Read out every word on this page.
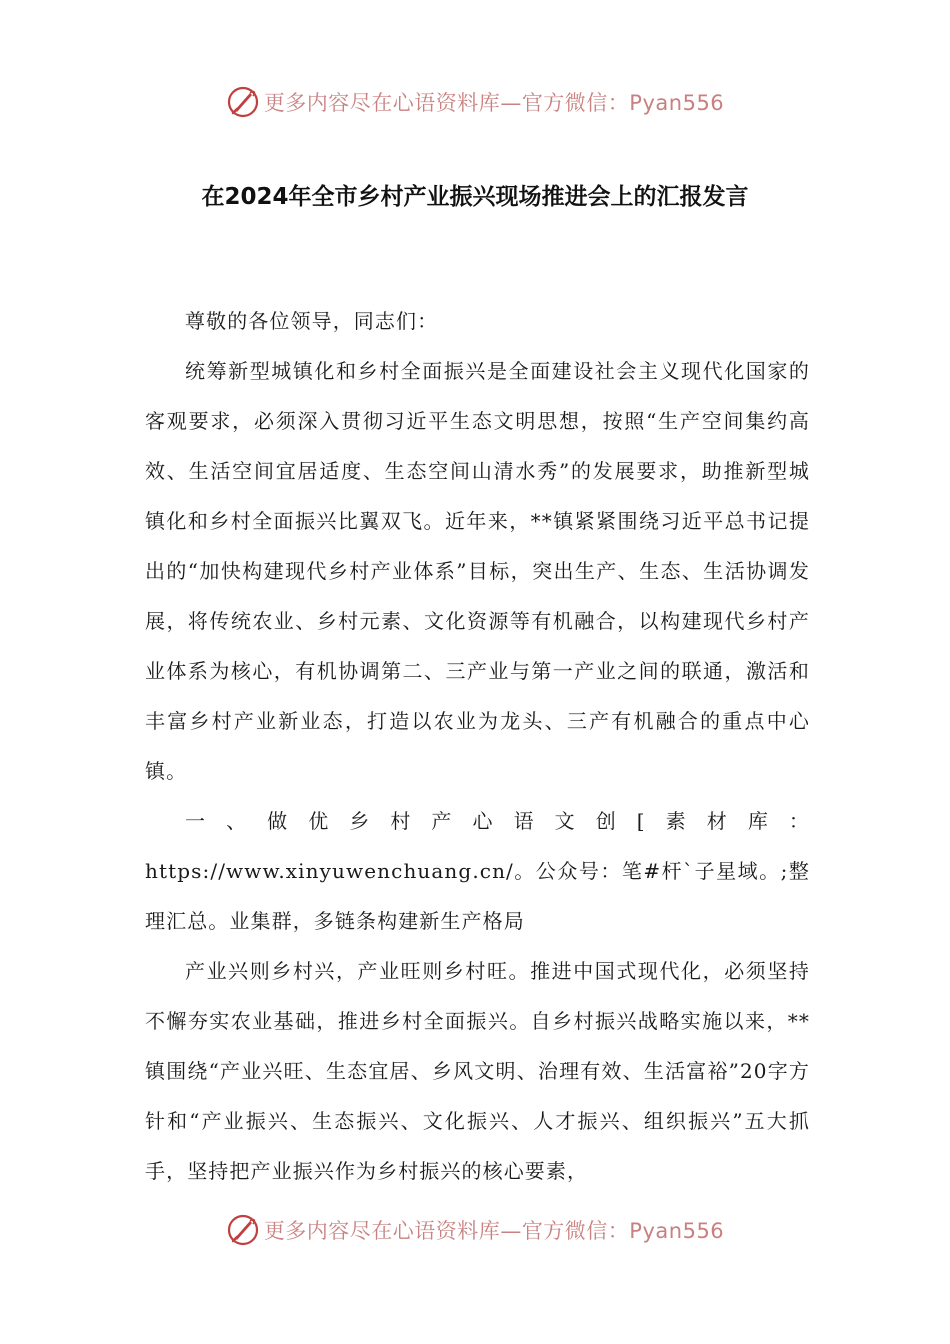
更多内容尽在心语资料库 —官方微信：Pyan556
在2024年全市乡村产业振兴现场推进会上的汇报发言

尊敬的各位领导，同志们：

统筹新型城镇化和乡村全面振兴是全面建设社会主义现代化国家的客观要求，必须深入贯彻习近平生态文明思想，按照“生产空间集约高效、生活空间宜居适度、生态空间山清水秀”的发展要求，助推新型城镇化和乡村全面振兴比翼双飞。近年来，**镇紧紧围绕习近平总书记提出的“加快构建现代乡村产业体系”目标，突出生产、生态、生活协调发展，将传统农业、乡村元素、文化资源等有机融合，以构建现代乡村产业体系为核心，有机协调第二、三产业与第一产业之间的联通，激活和丰富乡村产业新业态，打造以农业为龙头、三产有机融合的重点中心镇。

一、做优乡村产心语文创[素材库：https://www.xinyuwenchuang.cn/。公众号：笔#杆`子星域。;整理汇总。业集群，多链条构建新生产格局

产业兴则乡村兴，产业旺则乡村旺。推进中国式现代化，必须坚持不懈夯实农业基础，推进乡村全面振兴。自乡村振兴战略实施以来，**镇围绕“产业兴旺、生态宜居、乡风文明、治理有效、生活富裕”20字方针和“产业振兴、生态振兴、文化振兴、人才振兴、组织振兴”五大抓手，坚持把产业振兴作为乡村振兴的核心要素，

更多内容尽在心语资料库 —官方微信：Pyan556
